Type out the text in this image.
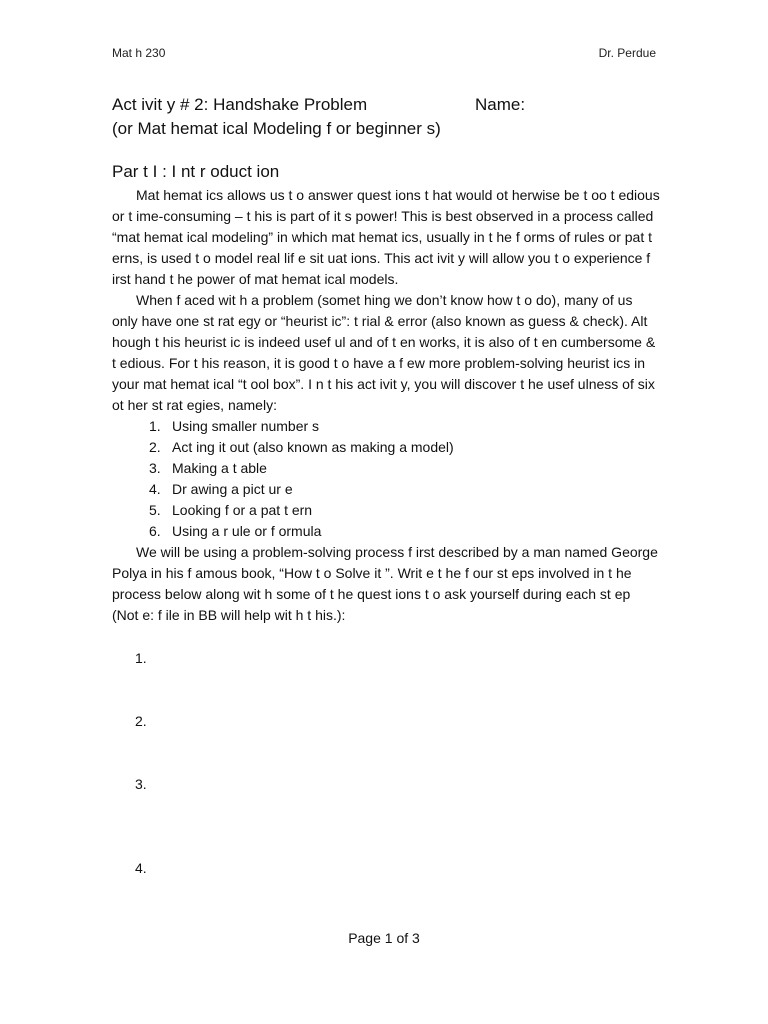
Mat h 230	Dr. Perdue
Act ivit y # 2: Handshake Problem	Name:
(or Mat hemat ical Modeling f or beginner s)
Par t I : I nt r oduct ion

Mat hemat ics allows us t o answer quest ions t hat would ot herwise be t oo t edious or t ime-consuming – t his is part of it s power! This is best observed in a process called “mat hemat ical modeling” in which mat hemat ics, usually in t he f orms of rules or pat t erns, is used t o model real lif e sit uat ions. This act ivit y will allow you t o experience f irst hand t he power of mat hemat ical models.

When f aced wit h a problem (somet hing we don’t know how t o do), many of us only have one st rat egy or “heurist ic”: t rial & error (also known as guess & check). Alt hough t his heurist ic is indeed usef ul and of t en works, it is also of t en cumbersome & t edious. For t his reason, it is good t o have a f ew more problem-solving heurist ics in your mat hemat ical “t ool box”. I n t his act ivit y, you will discover t he usef ulness of six ot her st rat egies, namely:

1. Using smaller number s
2. Act ing it out (also known as making a model)
3. Making a t able
4. Dr awing a pict ur e
5. Looking f or a pat t ern
6. Using a r ule or f ormula

We will be using a problem-solving process f irst described by a man named George Polya in his f amous book, “How t o Solve it ”. Writ e t he f our st eps involved in t he process below along wit h some of t he quest ions t o ask yourself during each st ep (Not e: f ile in BB will help wit h t his.):

1.
2.
3.
4.
Page 1 of 3
